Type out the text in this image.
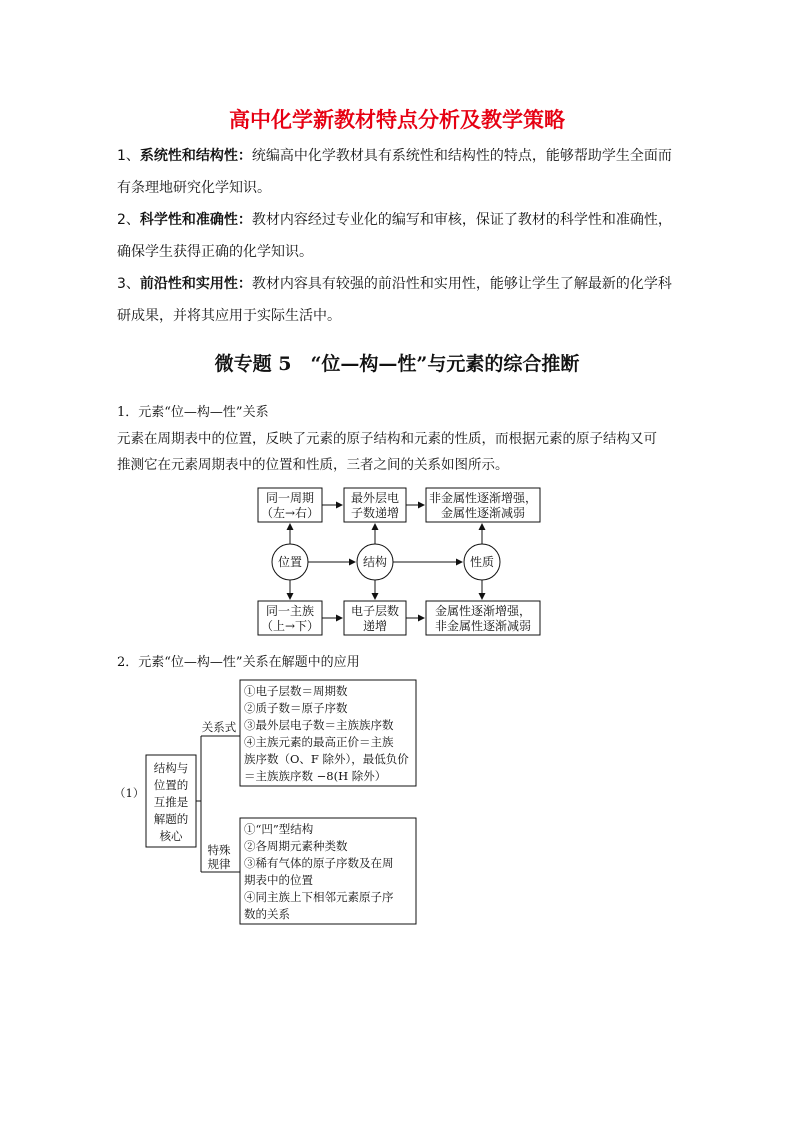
高中化学新教材特点分析及教学策略
1、系统性和结构性：统编高中化学教材具有系统性和结构性的特点，能够帮助学生全面而
有条理地研究化学知识。
2、科学性和准确性：教材内容经过专业化的编写和审核，保证了教材的科学性和准确性，
确保学生获得正确的化学知识。
3、前沿性和实用性：教材内容具有较强的前沿性和实用性，能够让学生了解最新的化学科
研成果，并将其应用于实际生活中。
微专题 5　“位—构—性”与元素的综合推断
1．元素“位—构—性”关系
元素在周期表中的位置，反映了元素的原子结构和元素的性质，而根据元素的原子结构又可
推测它在元素周期表中的位置和性质，三者之间的关系如图所示。
同一周期
（左→右）
最外层电
子数递增
非金属性逐渐增强，
金属性逐渐减弱
位置	结构	性质
同一主族
（上→下）
电子层数
递增
金属性逐渐增强，
非金属性逐渐减弱
2．元素“位—构—性”关系在解题中的应用
（1）
结构与
位置的
互推是
解题的
核心
关系式
特殊
规律
①电子层数＝周期数
②质子数＝原子序数
③最外层电子数＝主族族序数
④主族元素的最高正价＝主族
族序数（O、F 除外），最低负价
＝主族族序数 −8(H 除外）
①“凹”型结构
②各周期元素种类数
③稀有气体的原子序数及在周
期表中的位置
④同主族上下相邻元素原子序
数的关系
